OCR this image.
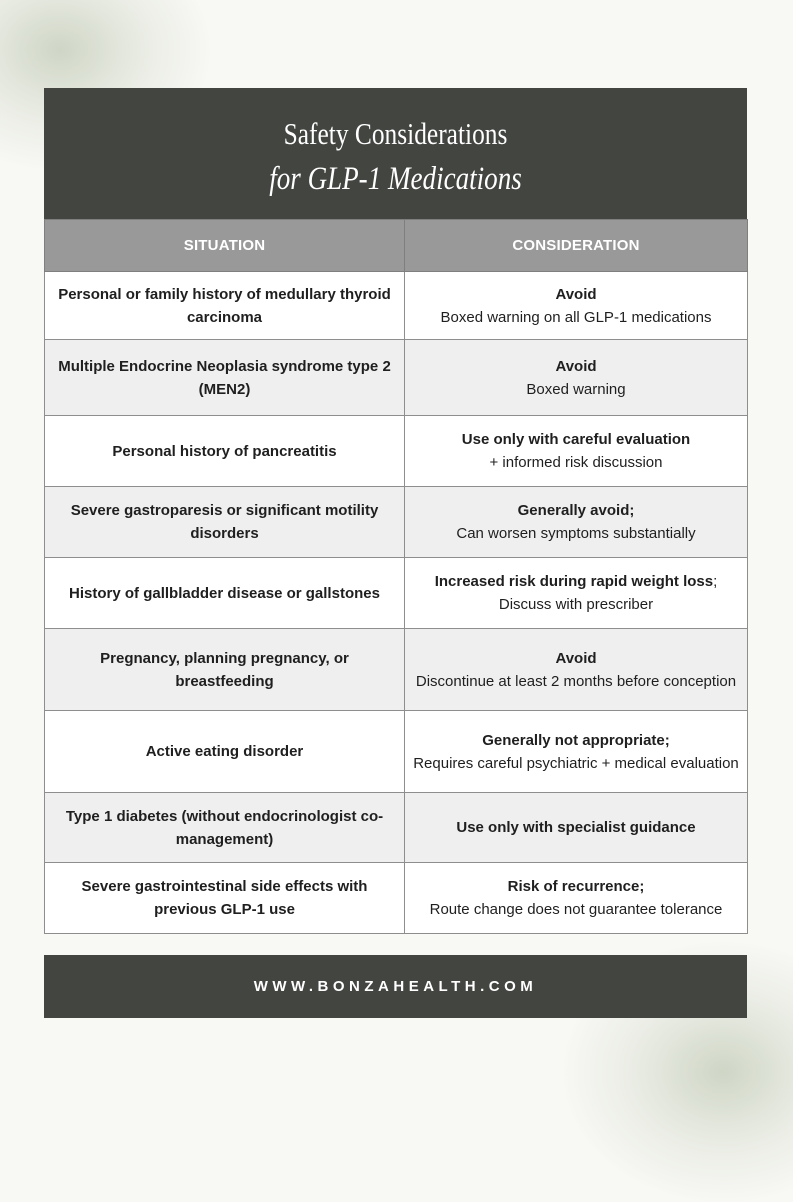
Safety Considerations
for GLP-1 Medications
SITUATION	CONSIDERATION
Personal or family history of medullary thyroid carcinoma	Avoid
Boxed warning on all GLP-1 medications

Multiple Endocrine Neoplasia syndrome type 2 (MEN2)	Avoid
Boxed warning

Personal history of pancreatitis	Use only with careful evaluation
+ informed risk discussion

Severe gastroparesis or significant motility disorders	Generally avoid;
Can worsen symptoms substantially

History of gallbladder disease or gallstones	Increased risk during rapid weight loss;
Discuss with prescriber

Pregnancy, planning pregnancy, or breastfeeding	Avoid
Discontinue at least 2 months before conception

Active eating disorder	Generally not appropriate;
Requires careful psychiatric + medical evaluation

Type 1 diabetes (without endocrinologist co-management)	Use only with specialist guidance

Severe gastrointestinal side effects with previous GLP-1 use	Risk of recurrence;
Route change does not guarantee tolerance
WWW.BONZAHEALTH.COM
